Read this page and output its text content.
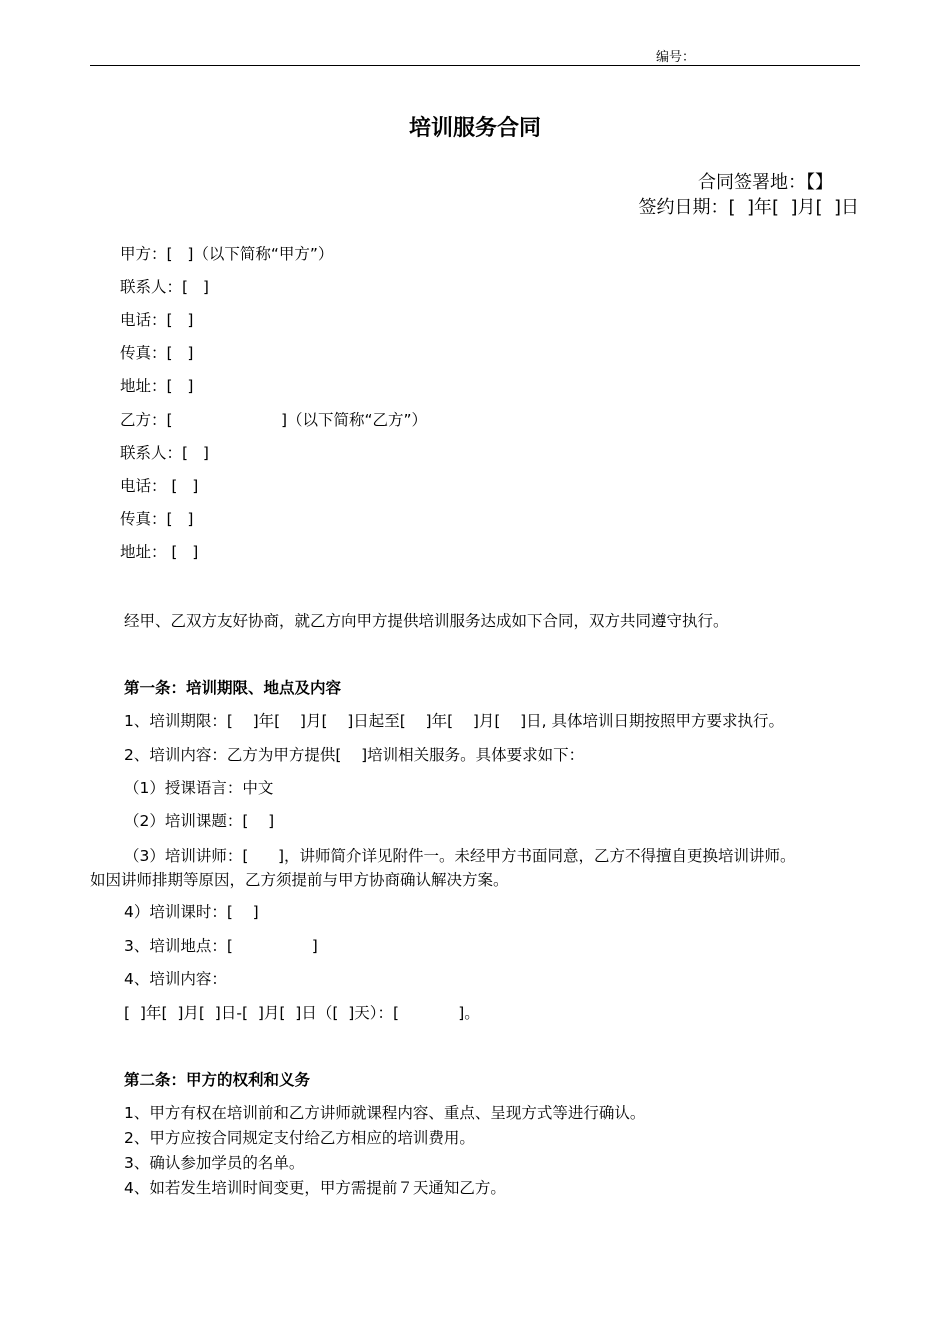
编号：
培训服务合同
合同签署地：【】
签约日期：[  ]年[  ]月[  ]日
甲方：[   ]（以下简称“甲方”）
联系人：[   ]
电话：[   ]
传真：[   ]
地址：[   ]
乙方：[                      ]（以下简称“乙方”）
联系人：[   ]
电话： [   ]
传真：[   ]
地址： [   ]
经甲、乙双方友好协商，就乙方向甲方提供培训服务达成如下合同，双方共同遵守执行。
第一条：培训期限、地点及内容
1、培训期限：[    ]年[    ]月[    ]日起至[    ]年[    ]月[    ]日, 具体培训日期按照甲方要求执行。
2、培训内容：乙方为甲方提供[    ]培训相关服务。具体要求如下：
（1）授课语言：中文
（2）培训课题：[    ]
（3）培训讲师：[      ]，讲师简介详见附件一。未经甲方书面同意，乙方不得擅自更换培训讲师。
如因讲师排期等原因，乙方须提前与甲方协商确认解决方案。
4）培训课时：[    ]
3、培训地点：[                ]
4、培训内容：
[  ]年[  ]月[  ]日-[  ]月[  ]日（[  ]天）：[            ]。
第二条：甲方的权利和义务
1、甲方有权在培训前和乙方讲师就课程内容、重点、呈现方式等进行确认。
2、甲方应按合同规定支付给乙方相应的培训费用。
3、确认参加学员的名单。
4、如若发生培训时间变更，甲方需提前７天通知乙方。
